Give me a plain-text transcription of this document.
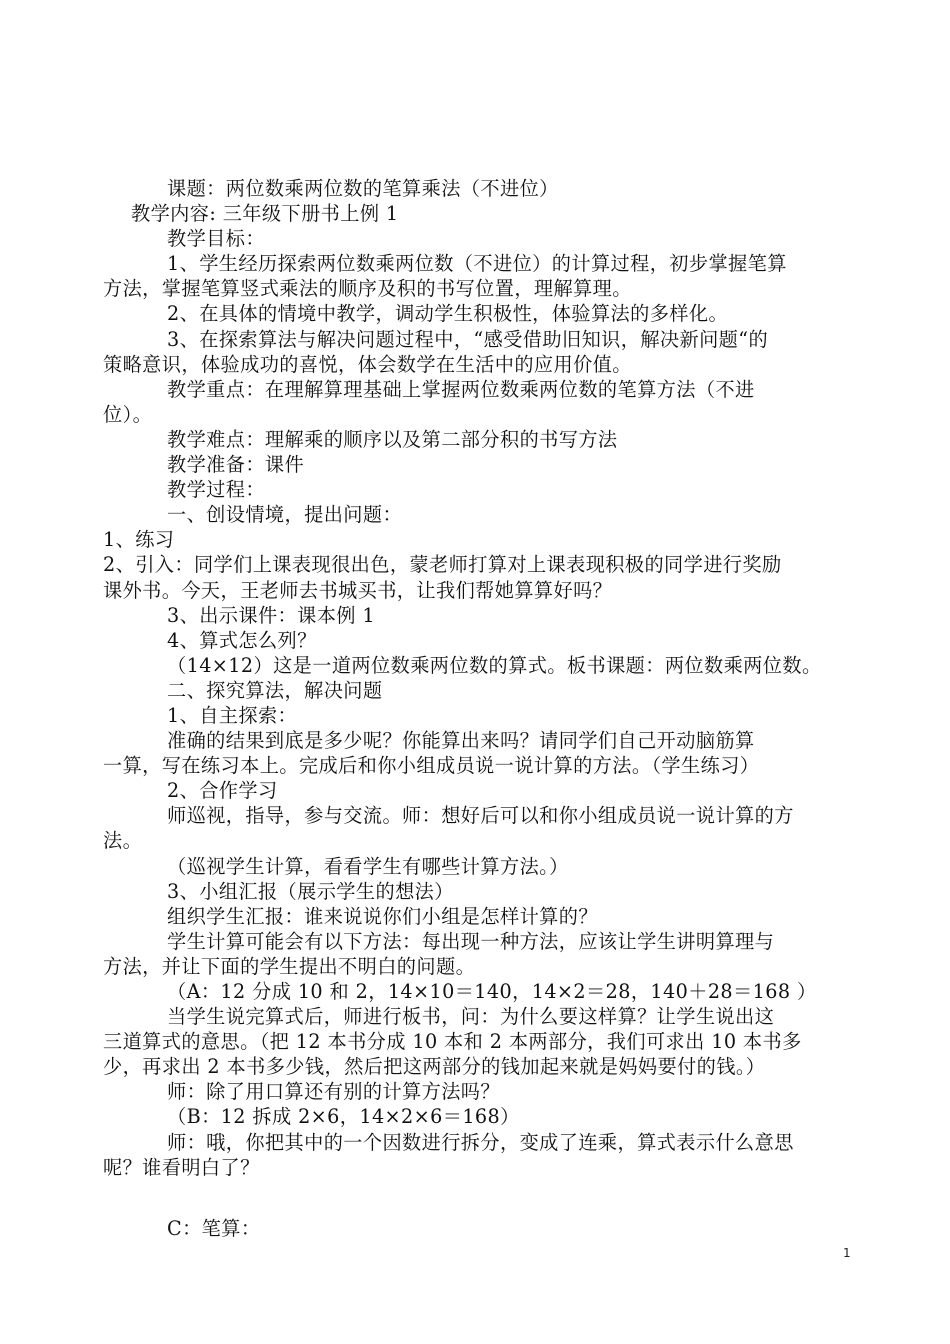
课题：两位数乘两位数的笔算乘法（不进位）
教学内容: 三年级下册书上例 1
教学目标：
1、学生经历探索两位数乘两位数（不进位）的计算过程，初步掌握笔算
方法，掌握笔算竖式乘法的顺序及积的书写位置，理解算理。
2、在具体的情境中教学，调动学生积极性，体验算法的多样化。
3、在探索算法与解决问题过程中，“感受借助旧知识，解决新问题“的
策略意识，体验成功的喜悦，体会数学在生活中的应用价值。
教学重点：在理解算理基础上掌握两位数乘两位数的笔算方法（不进
位）。
教学难点：理解乘的顺序以及第二部分积的书写方法
教学准备：课件
教学过程：
一、创设情境，提出问题：
1、练习
2、引入：同学们上课表现很出色，蒙老师打算对上课表现积极的同学进行奖励
课外书。今天，王老师去书城买书，让我们帮她算算好吗？
3、出示课件：课本例 1
4、算式怎么列？
（14×12）这是一道两位数乘两位数的算式。板书课题：两位数乘两位数。
二、探究算法，解决问题
1、自主探索：
准确的结果到底是多少呢？你能算出来吗？请同学们自己开动脑筋算
一算，写在练习本上。完成后和你小组成员说一说计算的方法。（学生练习）
2、合作学习
师巡视，指导，参与交流。师：想好后可以和你小组成员说一说计算的方
法。
（巡视学生计算，看看学生有哪些计算方法。）
3、小组汇报（展示学生的想法）
组织学生汇报：谁来说说你们小组是怎样计算的？
学生计算可能会有以下方法：每出现一种方法，应该让学生讲明算理与
方法，并让下面的学生提出不明白的问题。
（A：12 分成 10 和 2，14×10＝140，14×2＝28，140＋28＝168 ）
当学生说完算式后，师进行板书，问：为什么要这样算？让学生说出这
三道算式的意思。（把 12 本书分成 10 本和 2 本两部分，我们可求出 10 本书多
少，再求出 2 本书多少钱，然后把这两部分的钱加起来就是妈妈要付的钱。）
师：除了用口算还有别的计算方法吗？
（B：12 拆成 2×6，14×2×6＝168）
师：哦，你把其中的一个因数进行拆分，变成了连乘，算式表示什么意思
呢？谁看明白了？
C：笔算：
1
